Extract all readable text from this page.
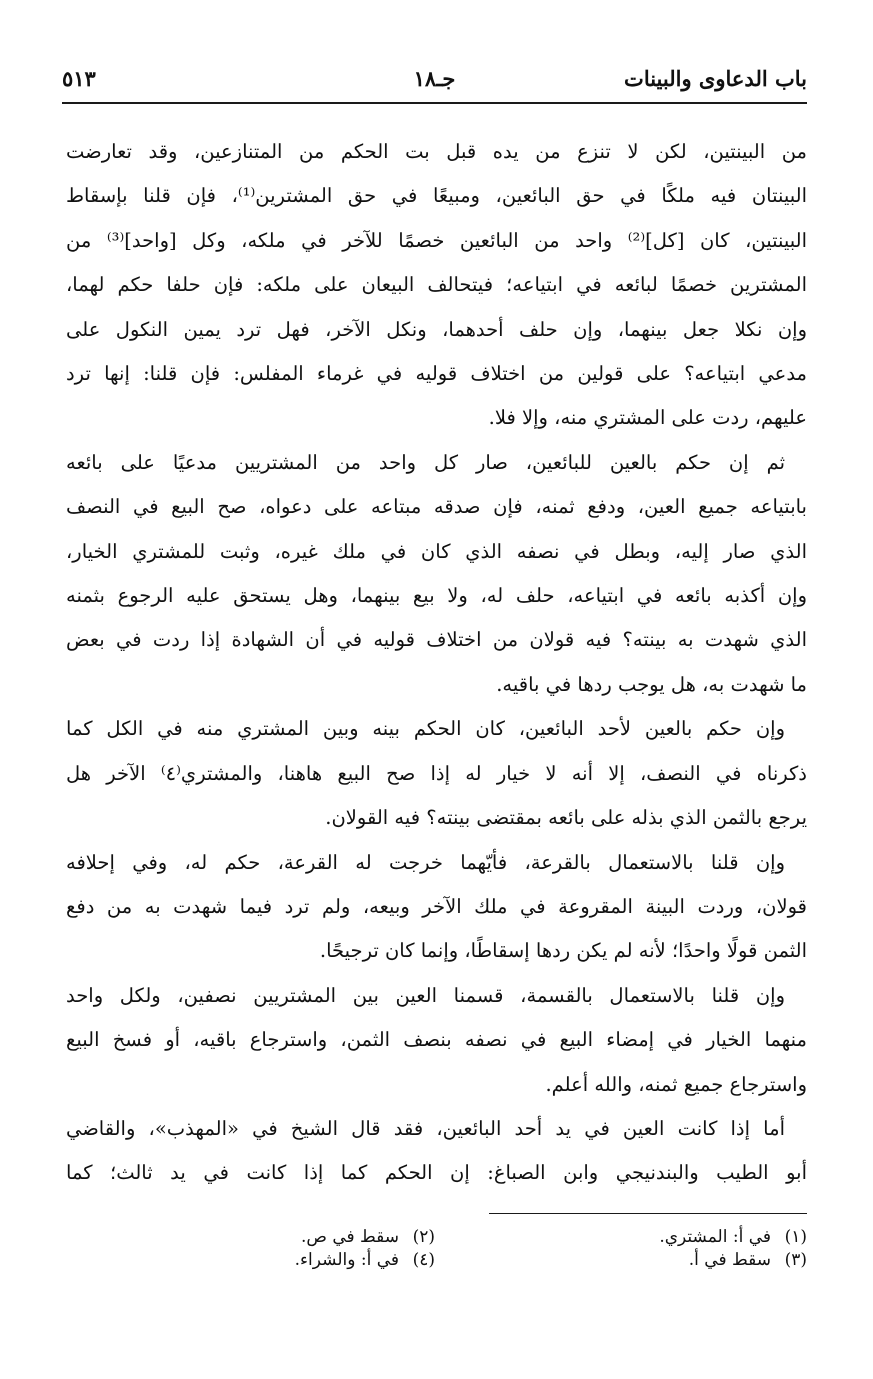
باب الدعاوى والبينات
جـ١٨
٥١٣
من البينتين، لكن لا تنزع من يده قبل بت الحكم من المتنازعين، وقد تعارضت
البينتان فيه ملكًا في حق البائعين، ومبيعًا في حق المشترين⁽¹⁾، فإن قلنا بإسقاط
البينتين، كان [كل]⁽²⁾ واحد من البائعين خصمًا للآخر في ملكه، وكل [واحد]⁽³⁾ من
المشترين خصمًا لبائعه في ابتياعه؛ فيتحالف البيعان على ملكه: فإن حلفا حكم لهما،
وإن نكلا جعل بينهما، وإن حلف أحدهما، ونكل الآخر، فهل ترد يمين النكول على
مدعي ابتياعه؟ على قولين من اختلاف قوليه في غرماء المفلس: فإن قلنا: إنها ترد
عليهم، ردت على المشتري منه، وإلا فلا.
ثم إن حكم بالعين للبائعين، صار كل واحد من المشتريين مدعيًا على بائعه
بابتياعه جميع العين، ودفع ثمنه، فإن صدقه مبتاعه على دعواه، صح البيع في النصف
الذي صار إليه، وبطل في نصفه الذي كان في ملك غيره، وثبت للمشتري الخيار،
وإن أكذبه بائعه في ابتياعه، حلف له، ولا بيع بينهما، وهل يستحق عليه الرجوع بثمنه
الذي شهدت به بينته؟ فيه قولان من اختلاف قوليه في أن الشهادة إذا ردت في بعض
ما شهدت به، هل يوجب ردها في باقيه.
وإن حكم بالعين لأحد البائعين، كان الحكم بينه وبين المشتري منه في الكل كما
ذكرناه في النصف، إلا أنه لا خيار له إذا صح البيع هاهنا، والمشتري⁽٤⁾ الآخر هل
يرجع بالثمن الذي بذله على بائعه بمقتضى بينته؟ فيه القولان.
وإن قلنا بالاستعمال بالقرعة، فأيّهما خرجت له القرعة، حكم له، وفي إحلافه
قولان، وردت البينة المقروعة في ملك الآخر وبيعه، ولم ترد فيما شهدت به من دفع
الثمن قولًا واحدًا؛ لأنه لم يكن ردها إسقاطًا، وإنما كان ترجيحًا.
وإن قلنا بالاستعمال بالقسمة، قسمنا العين بين المشتريين نصفين، ولكل واحد
منهما الخيار في إمضاء البيع في نصفه بنصف الثمن، واسترجاع باقيه، أو فسخ البيع
واسترجاع جميع ثمنه، والله أعلم.
أما إذا كانت العين في يد أحد البائعين، فقد قال الشيخ في «المهذب»، والقاضي
أبو الطيب والبندنيجي وابن الصباغ: إن الحكم كما إذا كانت في يد ثالث؛ كما
(١)في أ: المشتري.
(٣)سقط في أ.
(٢)سقط في ص.
(٤)في أ: والشراء.
